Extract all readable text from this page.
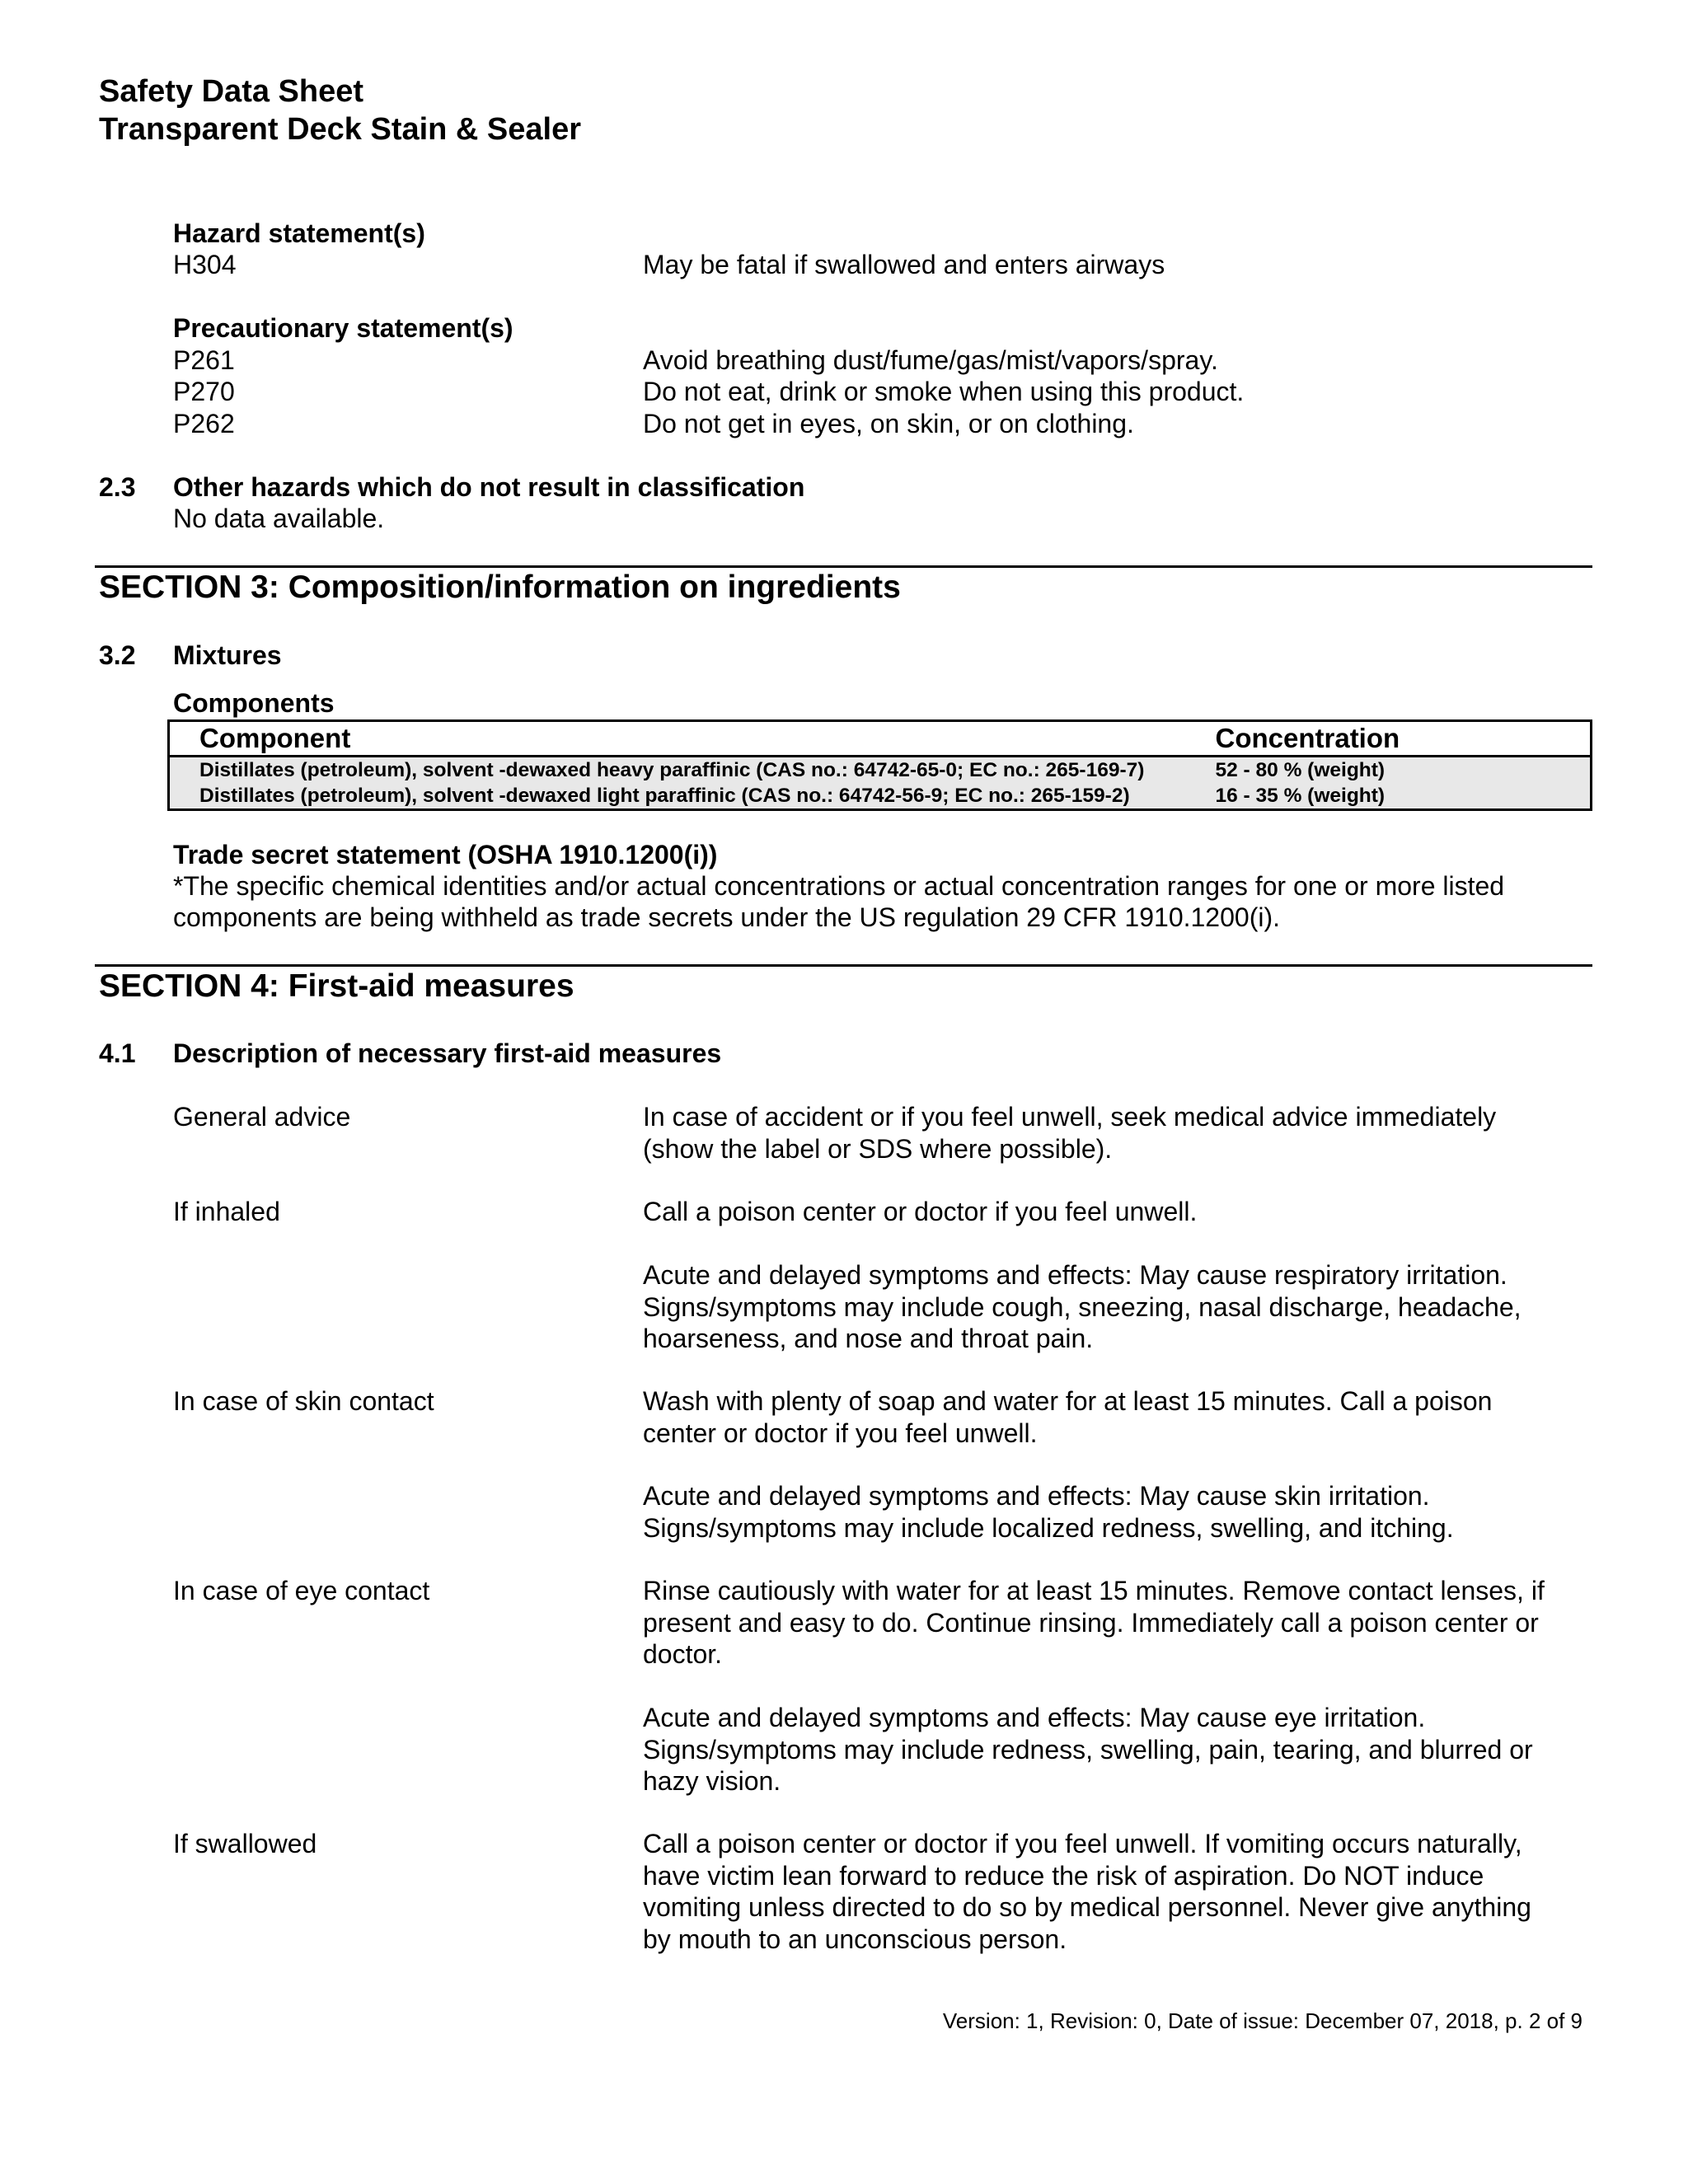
Safety Data Sheet
Transparent Deck Stain & Sealer
Hazard statement(s)
H304	May be fatal if swallowed and enters airways
Precautionary statement(s)
P261	Avoid breathing dust/fume/gas/mist/vapors/spray.
P270	Do not eat, drink or smoke when using this product.
P262	Do not get in eyes, on skin, or on clothing.
2.3 Other hazards which do not result in classification
No data available.
SECTION 3: Composition/information on ingredients
3.2 Mixtures
Components
Component	Concentration
Distillates (petroleum), solvent -dewaxed heavy paraffinic (CAS no.: 64742-65-0; EC no.: 265-169-7)	52 - 80 % (weight)
Distillates (petroleum), solvent -dewaxed light paraffinic (CAS no.: 64742-56-9; EC no.: 265-159-2)	16 - 35 % (weight)
Trade secret statement (OSHA 1910.1200(i))
*The specific chemical identities and/or actual concentrations or actual concentration ranges for one or more listed
components are being withheld as trade secrets under the US regulation 29 CFR 1910.1200(i).
SECTION 4: First-aid measures
4.1 Description of necessary first-aid measures
General advice	In case of accident or if you feel unwell, seek medical advice immediately
(show the label or SDS where possible).
If inhaled	Call a poison center or doctor if you feel unwell.
Acute and delayed symptoms and effects: May cause respiratory irritation.
Signs/symptoms may include cough, sneezing, nasal discharge, headache,
hoarseness, and nose and throat pain.
In case of skin contact	Wash with plenty of soap and water for at least 15 minutes. Call a poison
center or doctor if you feel unwell.
Acute and delayed symptoms and effects: May cause skin irritation.
Signs/symptoms may include localized redness, swelling, and itching.
In case of eye contact	Rinse cautiously with water for at least 15 minutes. Remove contact lenses, if
present and easy to do. Continue rinsing. Immediately call a poison center or
doctor.
Acute and delayed symptoms and effects: May cause eye irritation.
Signs/symptoms may include redness, swelling, pain, tearing, and blurred or
hazy vision.
If swallowed	Call a poison center or doctor if you feel unwell. If vomiting occurs naturally,
have victim lean forward to reduce the risk of aspiration. Do NOT induce
vomiting unless directed to do so by medical personnel. Never give anything
by mouth to an unconscious person.
Version: 1, Revision: 0, Date of issue: December 07, 2018, p. 2 of 9
